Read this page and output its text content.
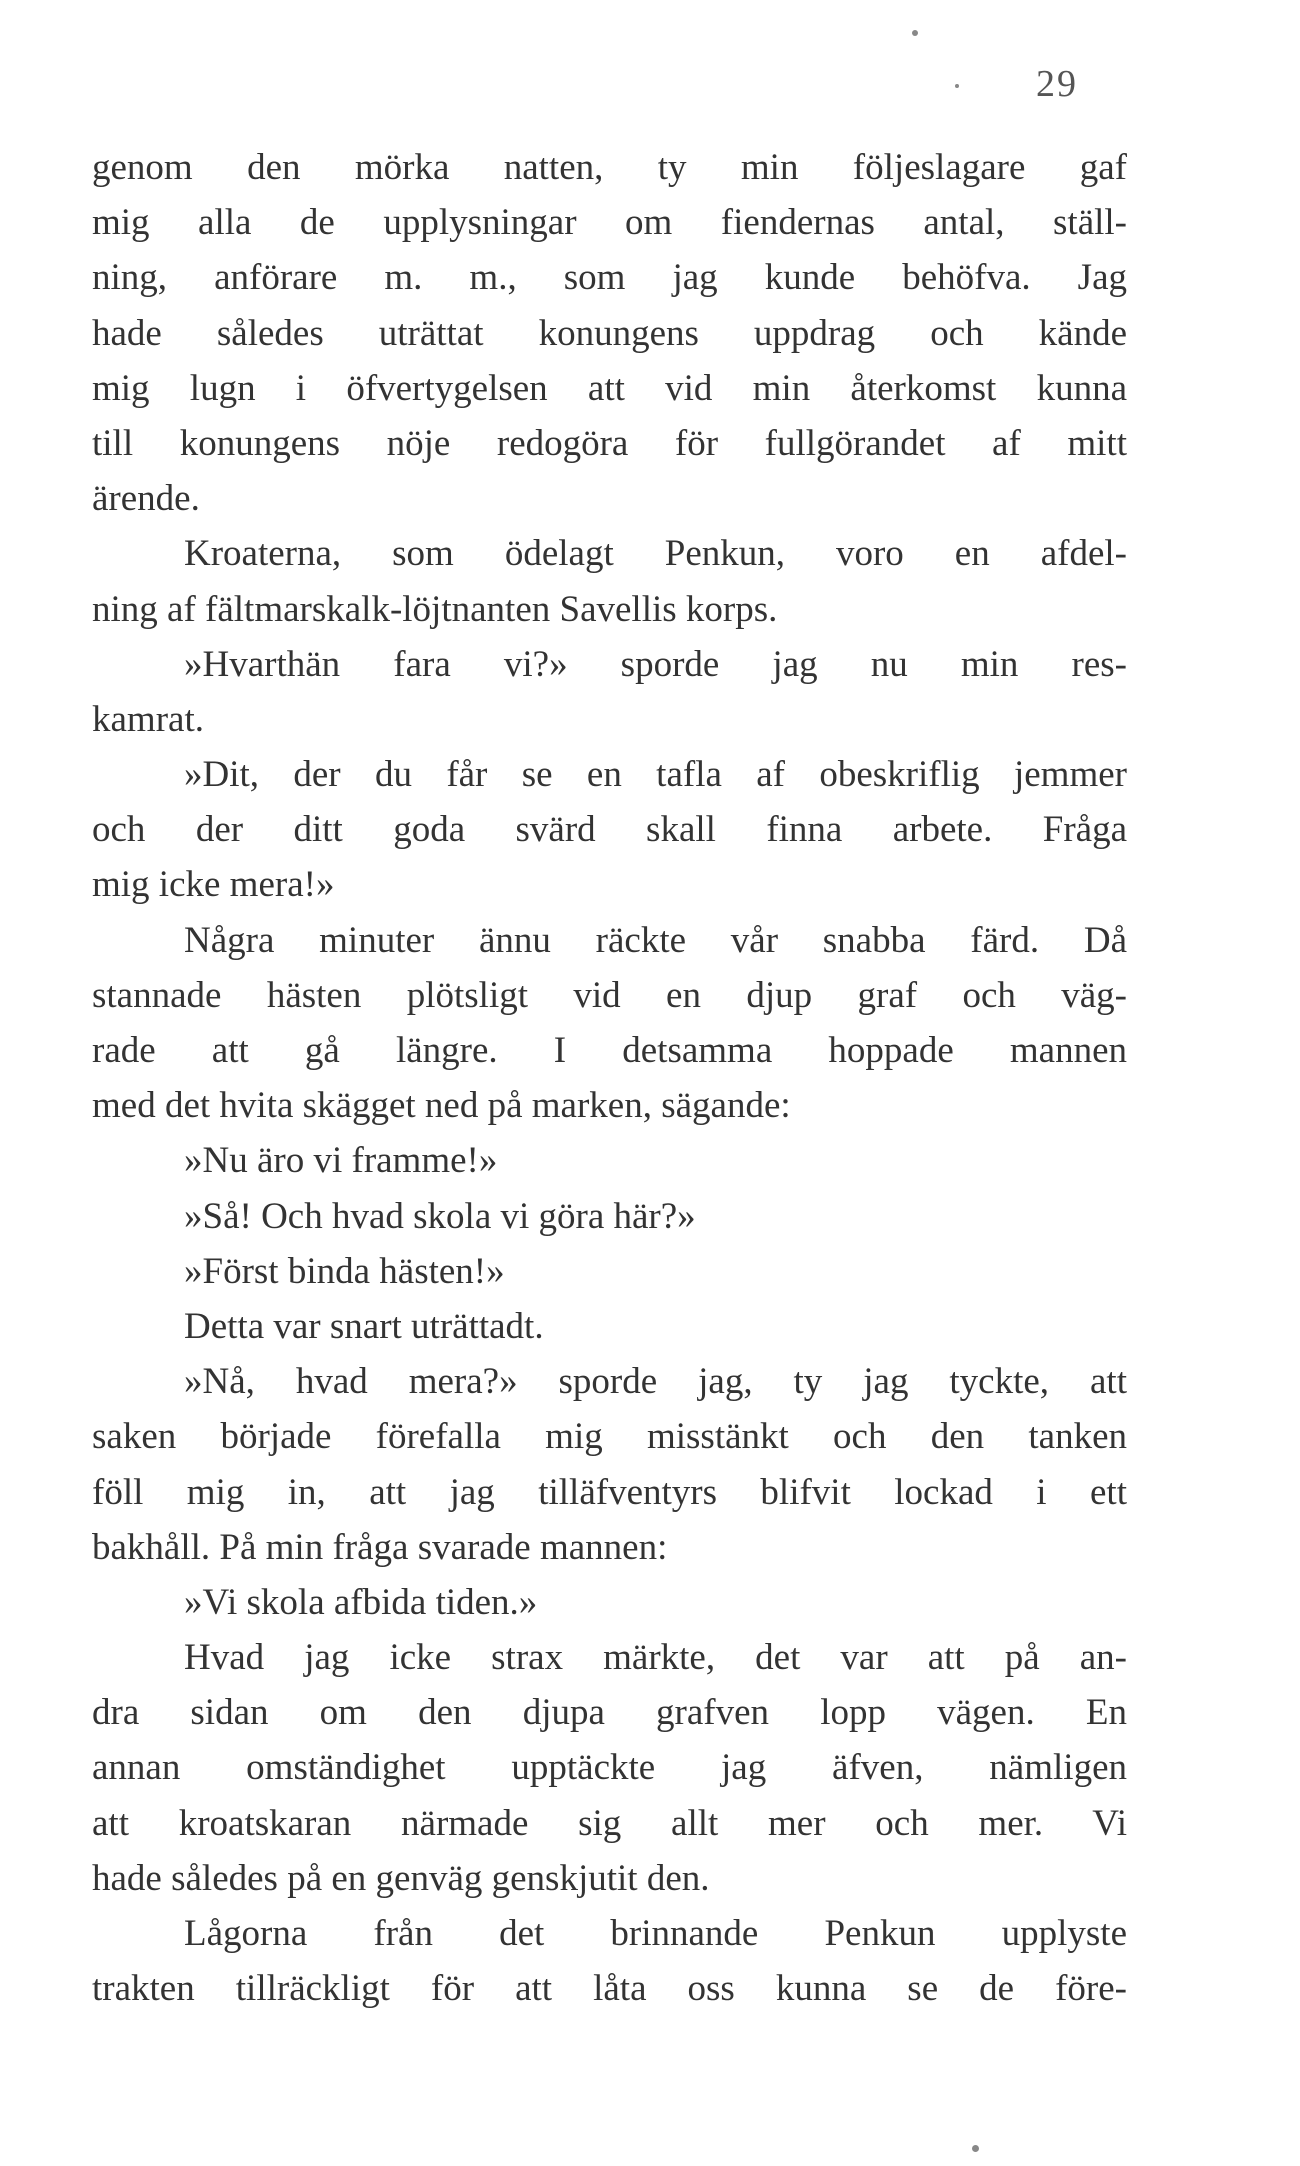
29
genom den mörka natten, ty min följeslagare gaf
mig alla de upplysningar om fiendernas antal, ställ-
ning, anförare m. m., som jag kunde behöfva. Jag
hade således uträttat konungens uppdrag och kände
mig lugn i öfvertygelsen att vid min återkomst kunna
till konungens nöje redogöra för fullgörandet af mitt
ärende.
Kroaterna, som ödelagt Penkun, voro en afdel-
ning af fältmarskalk-löjtnanten Savellis korps.
»Hvarthän fara vi?» sporde jag nu min res-
kamrat.
»Dit, der du får se en tafla af obeskriflig jemmer
och der ditt goda svärd skall finna arbete. Fråga
mig icke mera!»
Några minuter ännu räckte vår snabba färd. Då
stannade hästen plötsligt vid en djup graf och väg-
rade att gå längre. I detsamma hoppade mannen
med det hvita skägget ned på marken, sägande:
»Nu äro vi framme!»
»Så! Och hvad skola vi göra här?»
»Först binda hästen!»
Detta var snart uträttadt.
»Nå, hvad mera?» sporde jag, ty jag tyckte, att
saken började förefalla mig misstänkt och den tanken
föll mig in, att jag tilläfventyrs blifvit lockad i ett
bakhåll. På min fråga svarade mannen:
»Vi skola afbida tiden.»
Hvad jag icke strax märkte, det var att på an-
dra sidan om den djupa grafven lopp vägen. En
annan omständighet upptäckte jag äfven, nämligen
att kroatskaran närmade sig allt mer och mer. Vi
hade således på en genväg genskjutit den.
Lågorna från det brinnande Penkun upplyste
trakten tillräckligt för att låta oss kunna se de före-
